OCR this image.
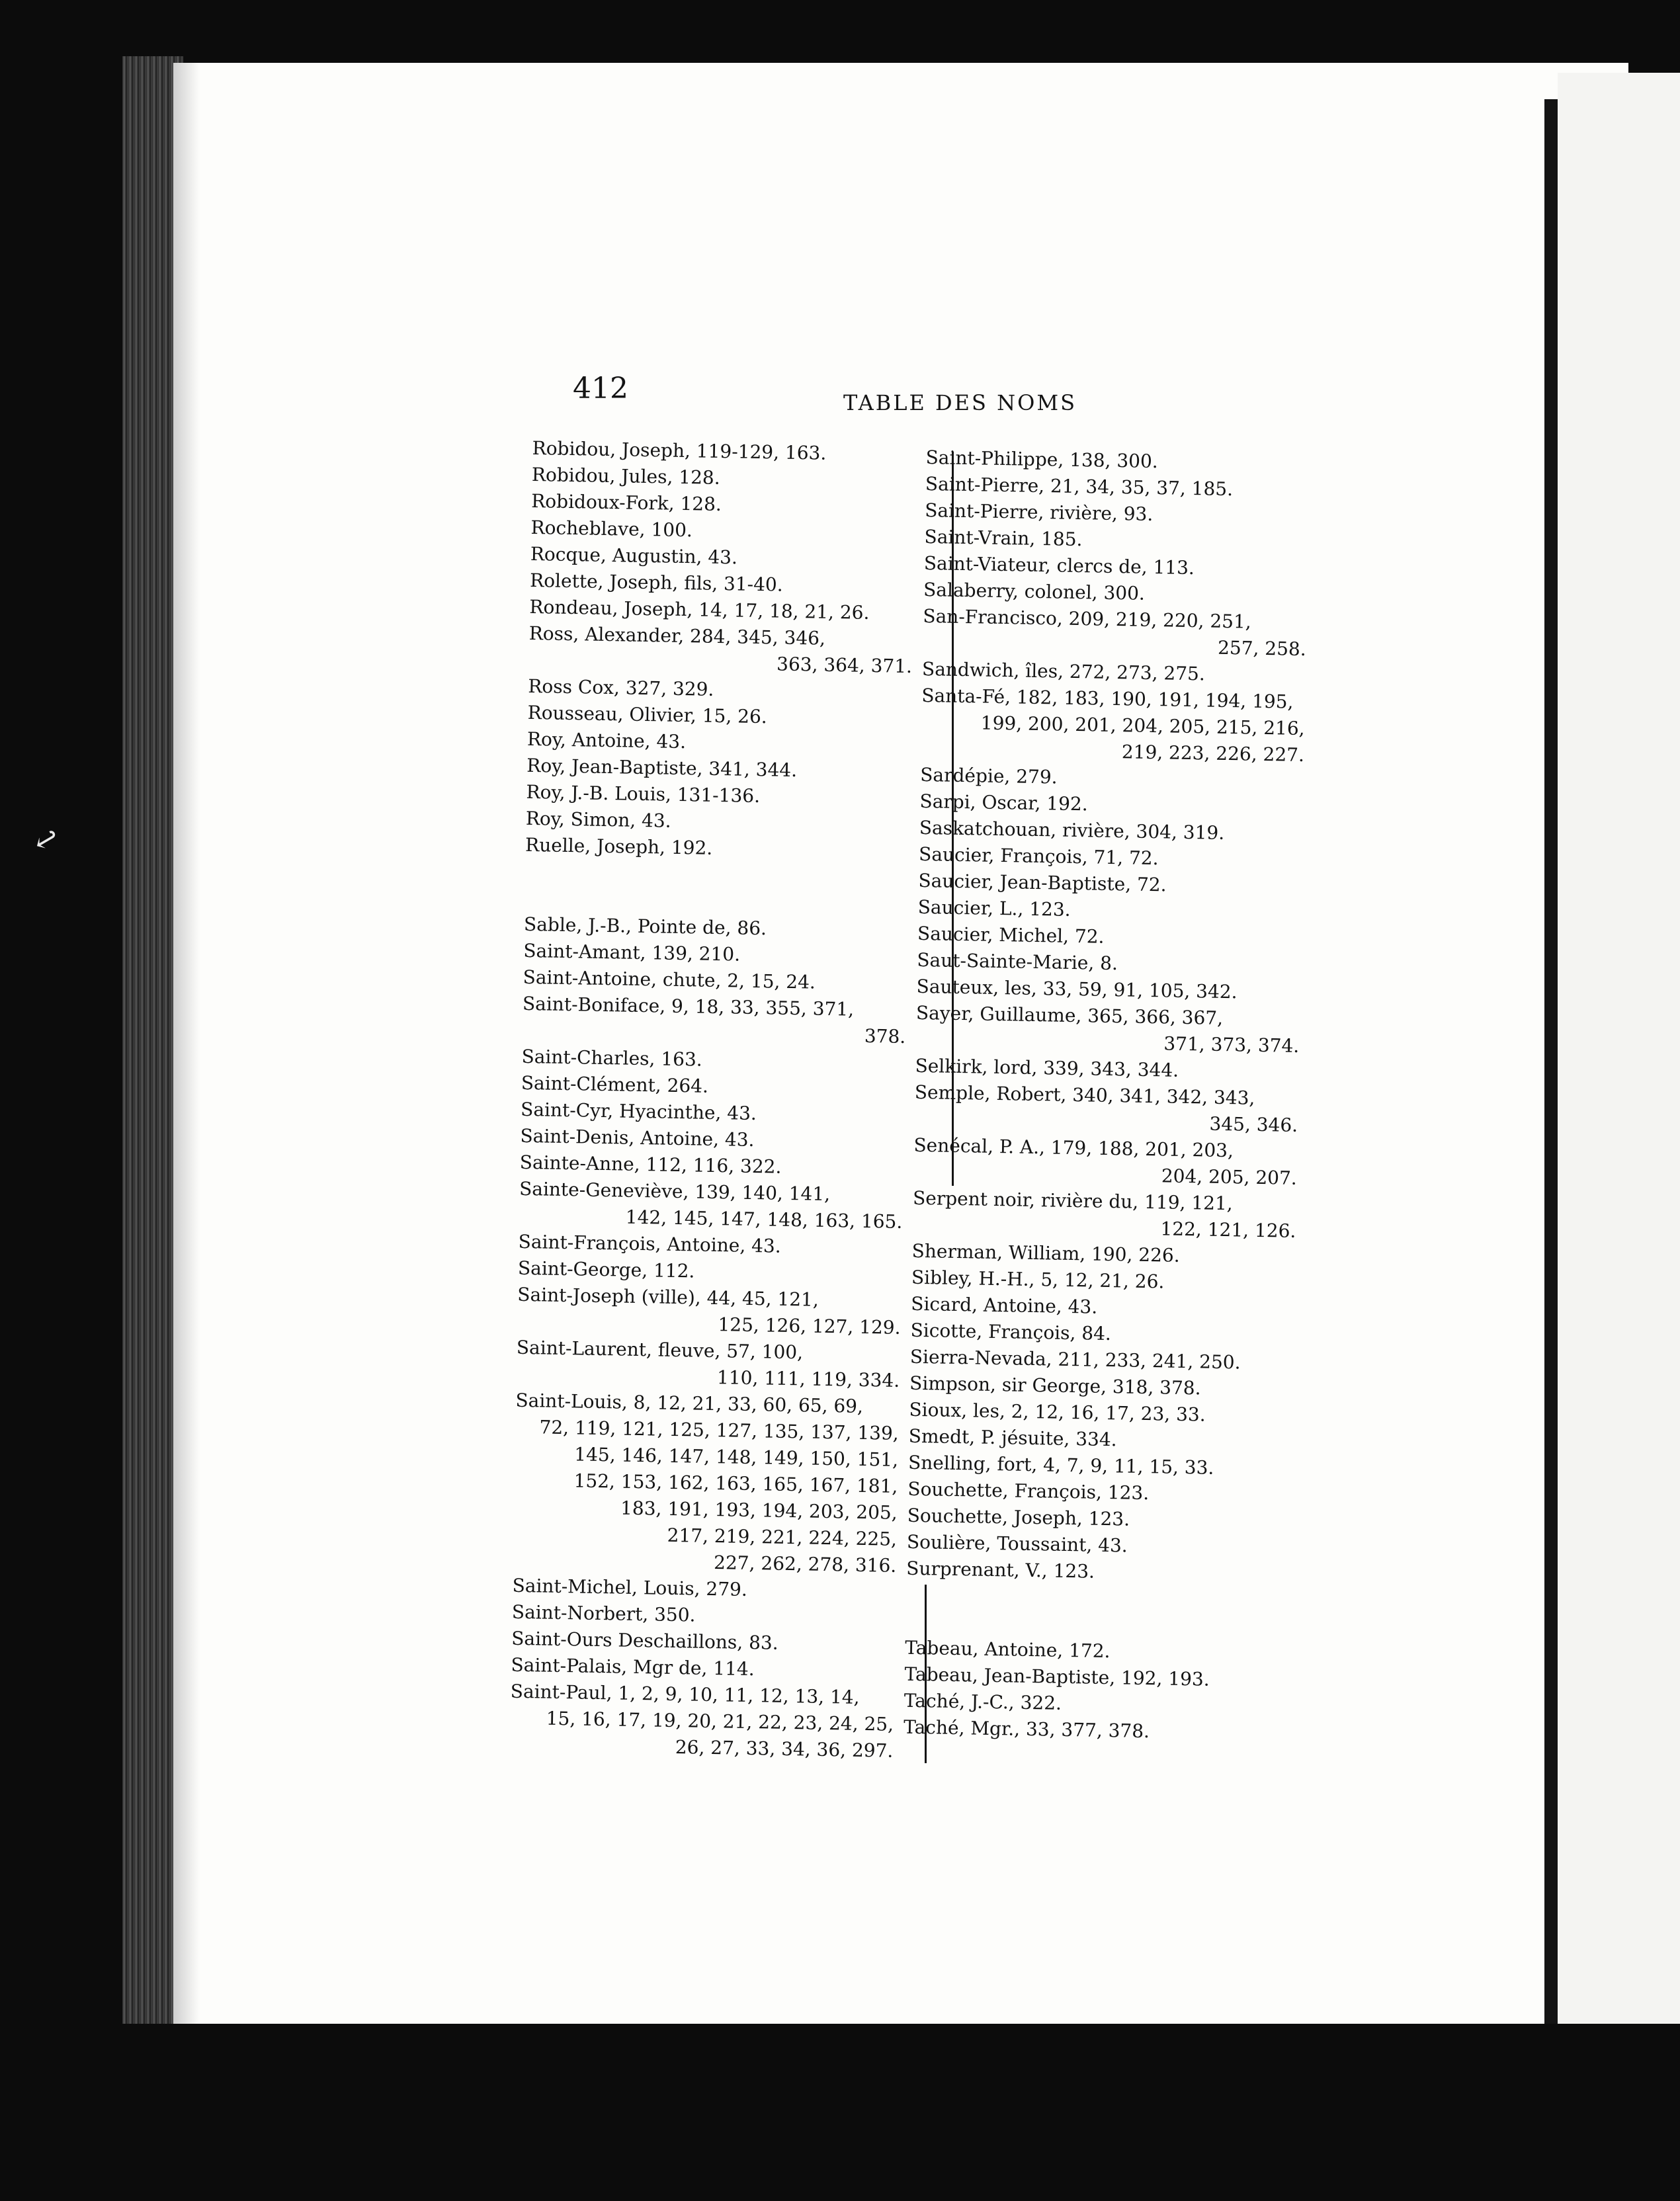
↩
412	TABLE DES NOMS

Robidou, Joseph, 119-129, 163.

Robidou, Jules, 128.

Robidoux-Fork, 128.

Rocheblave, 100.

Rocque, Augustin, 43.

Rolette, Joseph, fils, 31-40.

Rondeau, Joseph, 14, 17, 18, 21, 26.

Ross, Alexander, 284, 345, 346,

363, 364, 371.

Ross Cox, 327, 329.

Rousseau, Olivier, 15, 26.

Roy, Antoine, 43.

Roy, Jean-Baptiste, 341, 344.

Roy, J.-B. Louis, 131-136.

Roy, Simon, 43.

Ruelle, Joseph, 192.

Sable, J.-B., Pointe de, 86.

Saint-Amant, 139, 210.

Saint-Antoine, chute, 2, 15, 24.

Saint-Boniface, 9, 18, 33, 355, 371,

378.

Saint-Charles, 163.

Saint-Clément, 264.

Saint-Cyr, Hyacinthe, 43.

Saint-Denis, Antoine, 43.

Sainte-Anne, 112, 116, 322.

Sainte-Geneviève, 139, 140, 141,

142, 145, 147, 148, 163, 165.

Saint-François, Antoine, 43.

Saint-George, 112.

Saint-Joseph (ville), 44, 45, 121,

125, 126, 127, 129.

Saint-Laurent, fleuve, 57, 100,

110, 111, 119, 334.

Saint-Louis, 8, 12, 21, 33, 60, 65, 69,

72, 119, 121, 125, 127, 135, 137, 139,

145, 146, 147, 148, 149, 150, 151,

152, 153, 162, 163, 165, 167, 181,

183, 191, 193, 194, 203, 205,

217, 219, 221, 224, 225,

227, 262, 278, 316.

Saint-Michel, Louis, 279.

Saint-Norbert, 350.

Saint-Ours Deschaillons, 83.

Saint-Palais, Mgr de, 114.

Saint-Paul, 1, 2, 9, 10, 11, 12, 13, 14,

15, 16, 17, 19, 20, 21, 22, 23, 24, 25,

26, 27, 33, 34, 36, 297.

Saint-Philippe, 138, 300.

Saint-Pierre, 21, 34, 35, 37, 185.

Saint-Pierre, rivière, 93.

Saint-Vrain, 185.

Saint-Viateur, clercs de, 113.

Salaberry, colonel, 300.

San-Francisco, 209, 219, 220, 251,

257, 258.

Sandwich, îles, 272, 273, 275.

Santa-Fé, 182, 183, 190, 191, 194, 195,

199, 200, 201, 204, 205, 215, 216,

219, 223, 226, 227.

Sardépie, 279.

Sarpi, Oscar, 192.

Saskatchouan, rivière, 304, 319.

Saucier, François, 71, 72.

Saucier, Jean-Baptiste, 72.

Saucier, L., 123.

Saucier, Michel, 72.

Saut-Sainte-Marie, 8.

Sauteux, les, 33, 59, 91, 105, 342.

Sayer, Guillaume, 365, 366, 367,

371, 373, 374.

Selkirk, lord, 339, 343, 344.

Semple, Robert, 340, 341, 342, 343,

345, 346.

Senécal, P. A., 179, 188, 201, 203,

204, 205, 207.

Serpent noir, rivière du, 119, 121,

122, 121, 126.

Sherman, William, 190, 226.

Sibley, H.-H., 5, 12, 21, 26.

Sicard, Antoine, 43.

Sicotte, François, 84.

Sierra-Nevada, 211, 233, 241, 250.

Simpson, sir George, 318, 378.

Sioux, les, 2, 12, 16, 17, 23, 33.

Smedt, P. jésuite, 334.

Snelling, fort, 4, 7, 9, 11, 15, 33.

Souchette, François, 123.

Souchette, Joseph, 123.

Soulière, Toussaint, 43.

Surprenant, V., 123.

Tabeau, Antoine, 172.

Tabeau, Jean-Baptiste, 192, 193.

Taché, J.-C., 322.

Taché, Mgr., 33, 377, 378.
